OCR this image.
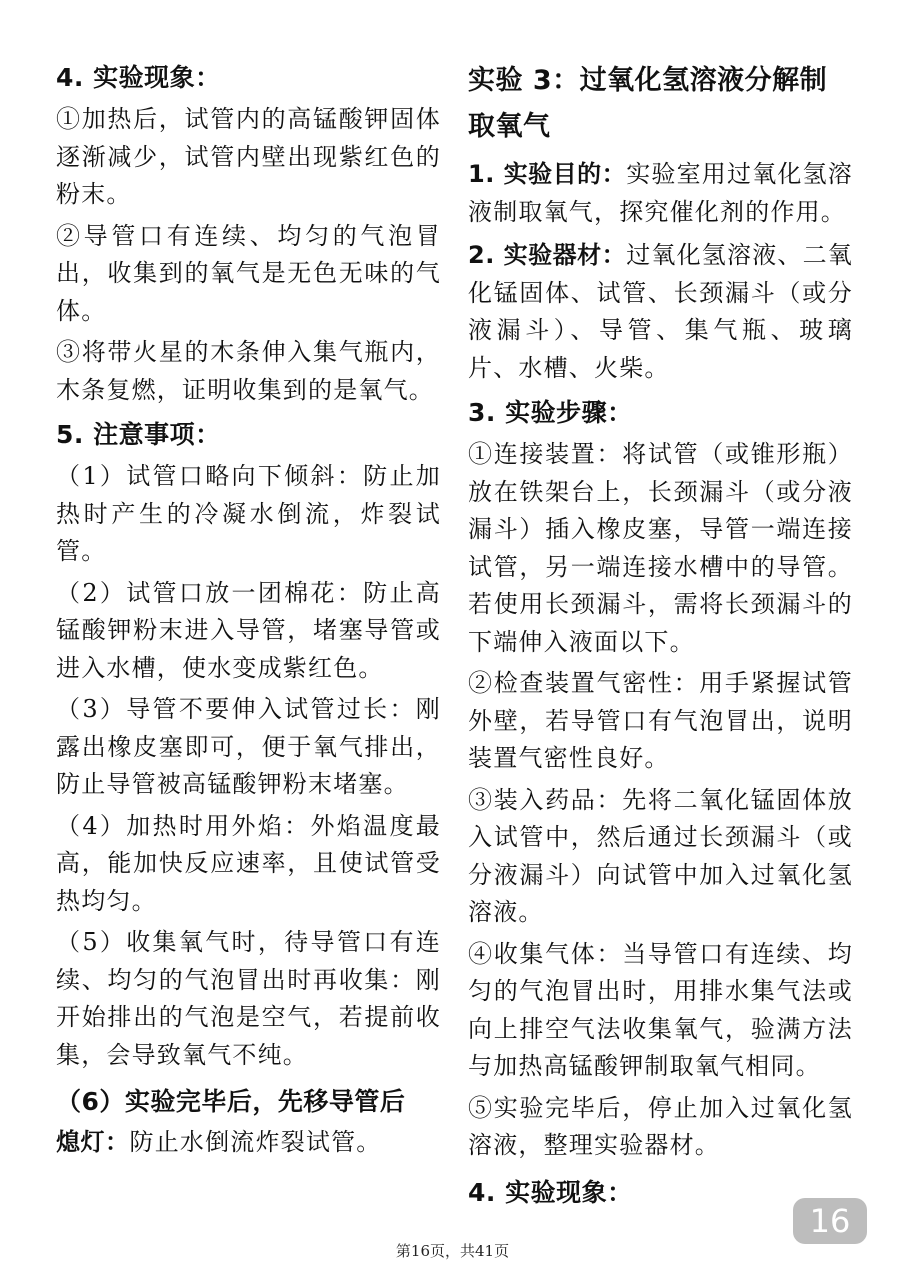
4. 实验现象：
①加热后，试管内的高锰酸钾固体逐渐减少，试管内壁出现紫红色的粉末。
②导管口有连续、均匀的气泡冒出，收集到的氧气是无色无味的气体。
③将带火星的木条伸入集气瓶内，木条复燃，证明收集到的是氧气。
5. 注意事项：
（1）试管口略向下倾斜：防止加热时产生的冷凝水倒流，炸裂试管。
（2）试管口放一团棉花：防止高锰酸钾粉末进入导管，堵塞导管或进入水槽，使水变成紫红色。
（3）导管不要伸入试管过长：刚露出橡皮塞即可，便于氧气排出，防止导管被高锰酸钾粉末堵塞。
（4）加热时用外焰：外焰温度最高，能加快反应速率，且使试管受热均匀。
（5）收集氧气时，待导管口有连续、均匀的气泡冒出时再收集：刚开始排出的气泡是空气，若提前收集，会导致氧气不纯。
（6）实验完毕后，先移导管后
熄灯：防止水倒流炸裂试管。
实验 3：过氧化氢溶液分解制取氧气
1. 实验目的：实验室用过氧化氢溶液制取氧气，探究催化剂的作用。
2. 实验器材：过氧化氢溶液、二氧化锰固体、试管、长颈漏斗（或分液漏斗）、导管、集气瓶、玻璃片、水槽、火柴。
3. 实验步骤：
①连接装置：将试管（或锥形瓶）放在铁架台上，长颈漏斗（或分液漏斗）插入橡皮塞，导管一端连接试管，另一端连接水槽中的导管。若使用长颈漏斗，需将长颈漏斗的下端伸入液面以下。
②检查装置气密性：用手紧握试管外壁，若导管口有气泡冒出，说明装置气密性良好。
③装入药品：先将二氧化锰固体放入试管中，然后通过长颈漏斗（或分液漏斗）向试管中加入过氧化氢溶液。
④收集气体：当导管口有连续、均匀的气泡冒出时，用排水集气法或向上排空气法收集氧气，验满方法与加热高锰酸钾制取氧气相同。
⑤实验完毕后，停止加入过氧化氢溶液，整理实验器材。
4. 实验现象：
16
第16页，共41页
